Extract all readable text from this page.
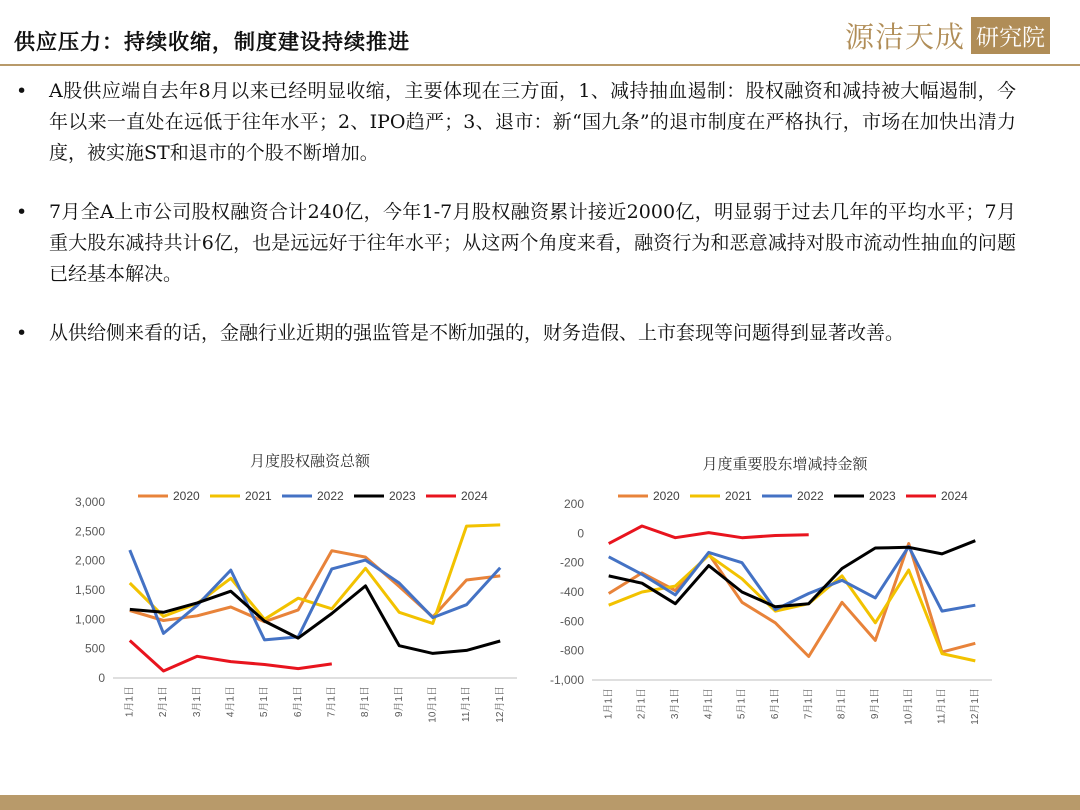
供应压力：持续收缩，制度建设持续推进	源洁天成 研究院
• A股供应端自去年8月以来已经明显收缩，主要体现在三方面，1、减持抽血遏制：股权融资和减持被大幅遏制，今年以来一直处在远低于往年水平；2、IPO趋严；3、退市：新“国九条”的退市制度在严格执行，市场在加快出清力度，被实施ST和退市的个股不断增加。
• 7月全A上市公司股权融资合计240亿，今年1-7月股权融资累计接近2000亿，明显弱于过去几年的平均水平；7月重大股东减持共计6亿，也是远远好于往年水平；从这两个角度来看，融资行为和恶意减持对股市流动性抽血的问题已经基本解决。
• 从供给侧来看的话，金融行业近期的强监管是不断加强的，财务造假、上市套现等问题得到显著改善。
月度股权融资总额	月度重要股东增减持金额
0
500
1,000
1,500
2,000
2,500
3,000
1月1日 2月1日 3月1日 4月1日 5月1日 6月1日 7月1日 8月1日 9月1日 10月1日 11月1日 12月1日
2020	2021	2022	2023	2024
-1,000
-800
-600
-400
-200
0
200
1月1日 2月1日 3月1日 4月1日 5月1日 6月1日 7月1日 8月1日 9月1日 10月1日 11月1日 12月1日
2020	2021	2022	2023	2024
